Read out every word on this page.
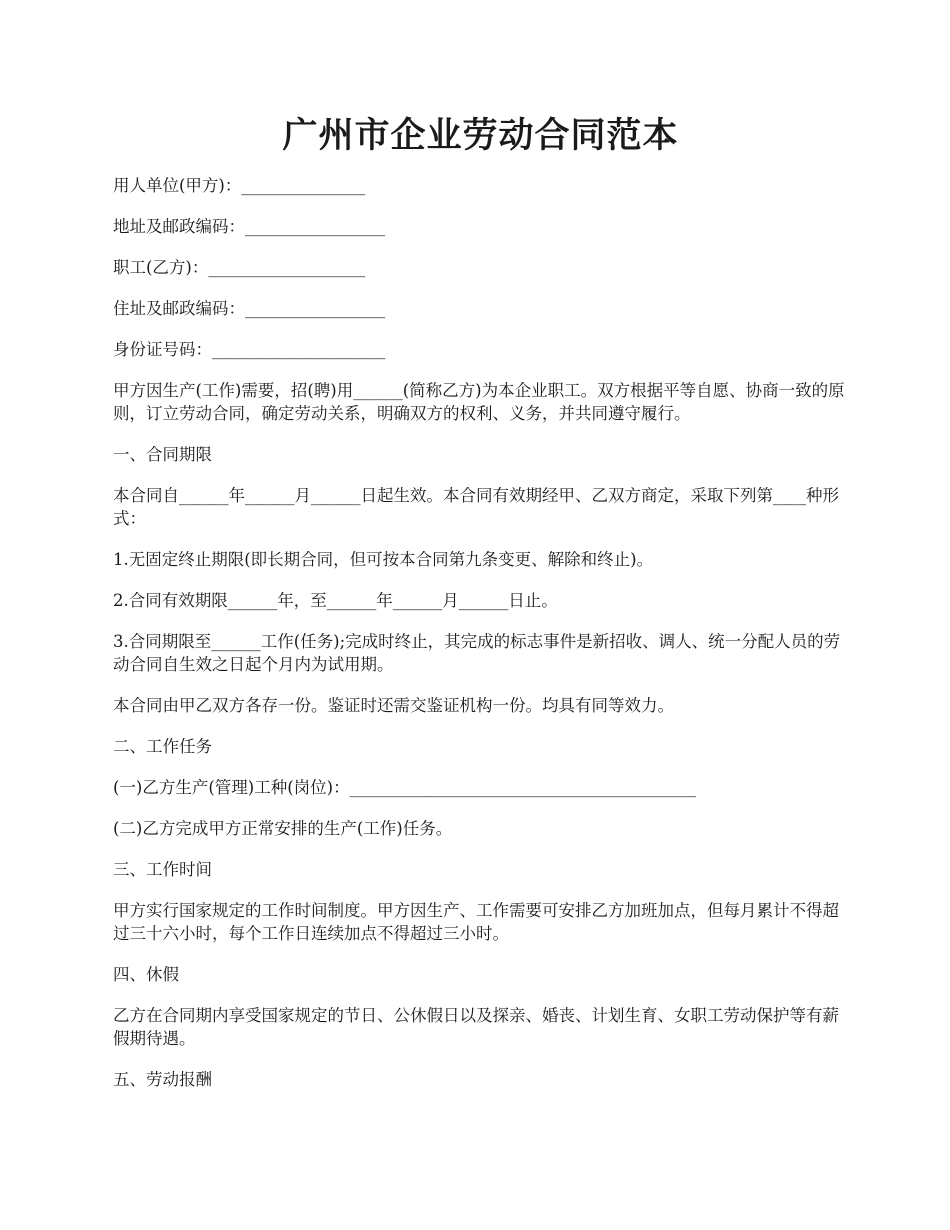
广州市企业劳动合同范本

用人单位(甲方)：_______________

地址及邮政编码：_________________

职工(乙方)：___________________

住址及邮政编码：_________________

身份证号码：_____________________

甲方因生产(工作)需要，招(聘)用______(简称乙方)为本企业职工。双方根据平等自愿、协商一致的原则，订立劳动合同，确定劳动关系，明确双方的权利、义务，并共同遵守履行。

一、合同期限

本合同自______年______月______日起生效。本合同有效期经甲、乙双方商定，采取下列第____种形式：

1.无固定终止期限(即长期合同，但可按本合同第九条变更、解除和终止)。

2.合同有效期限______年，至______年______月______日止。

3.合同期限至______工作(任务);完成时终止，其完成的标志事件是新招收、调人、统一分配人员的劳动合同自生效之日起个月内为试用期。

本合同由甲乙双方各存一份。鉴证时还需交鉴证机构一份。均具有同等效力。

二、工作任务

(一)乙方生产(管理)工种(岗位)：__________________________________________

(二)乙方完成甲方正常安排的生产(工作)任务。

三、工作时间

甲方实行国家规定的工作时间制度。甲方因生产、工作需要可安排乙方加班加点，但每月累计不得超过三十六小时，每个工作日连续加点不得超过三小时。

四、休假

乙方在合同期内享受国家规定的节日、公休假日以及探亲、婚丧、计划生育、女职工劳动保护等有薪假期待遇。

五、劳动报酬
